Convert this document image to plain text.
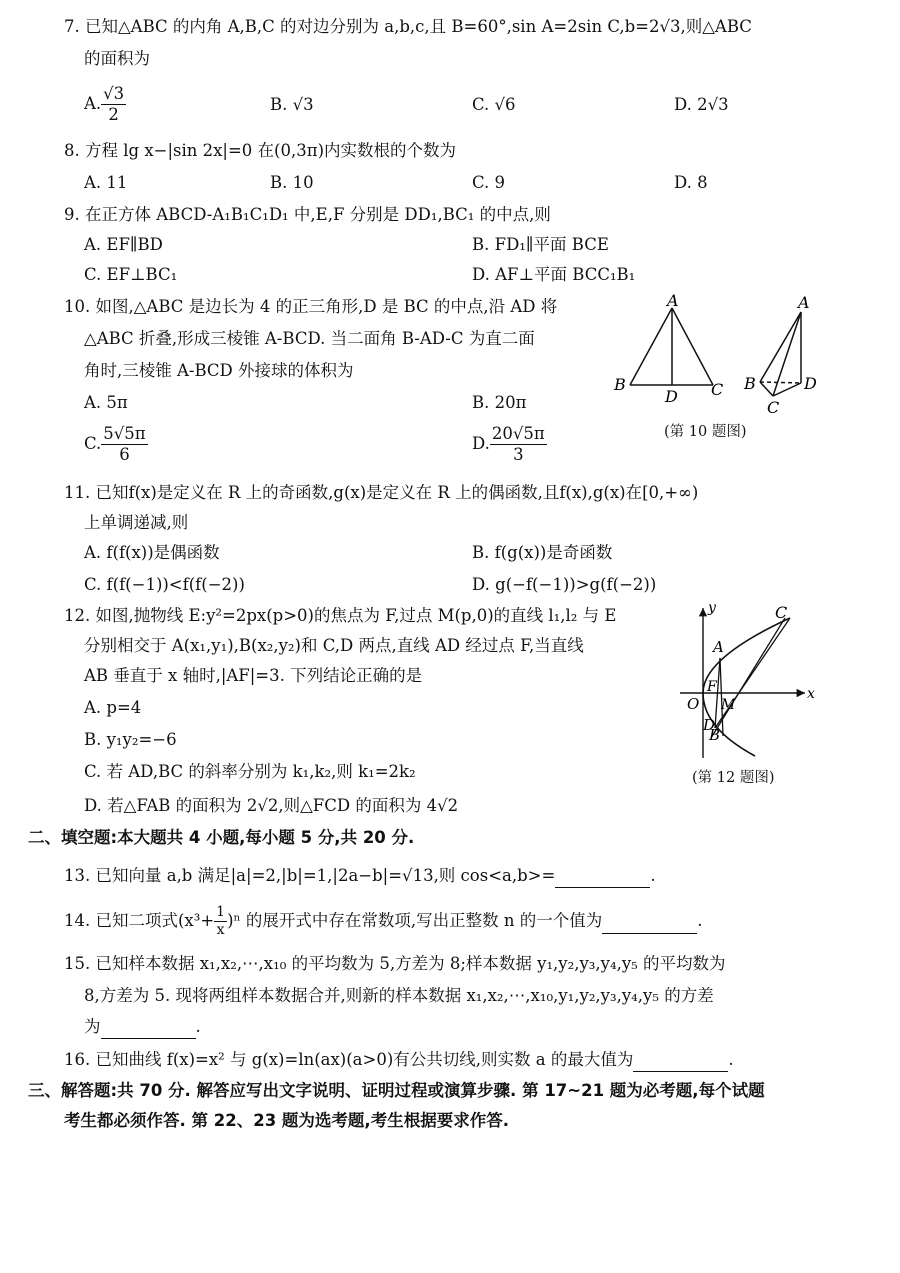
7. 已知△ABC 的内角 A,B,C 的对边分别为 a,b,c,且 B=60°,sin A=2sin C,b=2√3,则△ABC
的面积为
A. $\frac{√3}{2}$	B. √3	C. √6	D. 2√3
8. 方程 lg x−|sin 2x|=0 在(0,3π)内实数根的个数为
A. 11	B. 10	C. 9	D. 8
9. 在正方体 ABCD-A₁B₁C₁D₁ 中,E,F 分别是 DD₁,BC₁ 的中点,则
A. EF∥BD	B. FD₁∥平面 BCE
C. EF⊥BC₁	D. AF⊥平面 BCC₁B₁
10. 如图,△ABC 是边长为 4 的正三角形,D 是 BC 的中点,沿 AD 将
△ABC 折叠,形成三棱锥 A-BCD. 当二面角 B-AD-C 为直二面
角时,三棱锥 A-BCD 外接球的体积为
A. 5π	B. 20π
C. $\frac{5√5\pi}{6}$	D. $\frac{20√5\pi}{3}$
A
B
D C
A
B	D
C
(第 10 题图)
11. 已知f(x)是定义在 R 上的奇函数,g(x)是定义在 R 上的偶函数,且f(x),g(x)在[0,+∞)
上单调递减,则
A. f(f(x))是偶函数	B. f(g(x))是奇函数
C. f(f(−1))<f(f(−2))	D. g(−f(−1))>g(f(−2))
12. 如图,抛物线 E:y²=2px(p>0)的焦点为 F,过点 M(p,0)的直线 l₁,l₂ 与 E
分别相交于 A(x₁,y₁),B(x₂,y₂)和 C,D 两点,直线 AD 经过点 F,当直线
AB 垂直于 x 轴时,|AF|=3. 下列结论正确的是
A. p=4
B. y₁y₂=−6
C. 若 AD,BC 的斜率分别为 k₁,k₂,则 k₁=2k₂
D. 若△FAB 的面积为 2√2,则△FCD 的面积为 4√2
y
x
O
A
F
M
C
D
B
(第 12 题图)
二、填空题:本大题共 4 小题,每小题 5 分,共 20 分.
13. 已知向量 a,b 满足|a|=2,|b|=1,|2a−b|=√13,则 cos<a,b>=	.
14. 已知二项式$(x^3+ \frac{1}{x} )^n$ 的展开式中存在常数项,写出正整数 n 的一个值为	.
15. 已知样本数据 x₁,x₂,⋯,x₁₀ 的平均数为 5,方差为 8;样本数据 y₁,y₂,y₃,y₄,y₅ 的平均数为
8,方差为 5. 现将两组样本数据合并,则新的样本数据 x₁,x₂,⋯,x₁₀,y₁,y₂,y₃,y₄,y₅ 的方差
为	.
16. 已知曲线 f(x)=x² 与 g(x)=ln(ax)(a>0)有公共切线,则实数 a 的最大值为	.
三、解答题:共 70 分. 解答应写出文字说明、证明过程或演算步骤. 第 17~21 题为必考题,每个试题
考生都必须作答. 第 22、23 题为选考题,考生根据要求作答.
